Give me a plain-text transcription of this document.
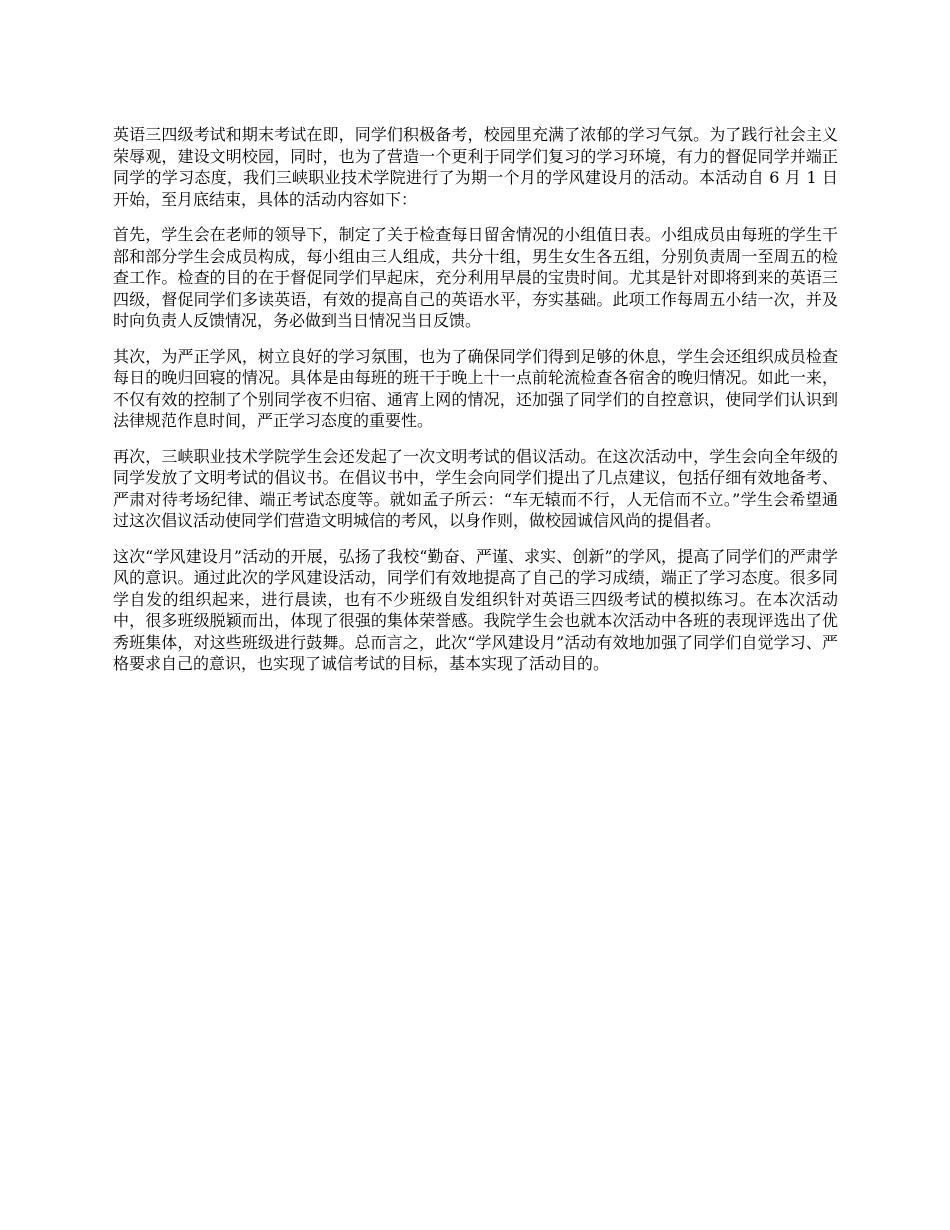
英语三四级考试和期末考试在即，同学们积极备考，校园里充满了浓郁的学习气氛。为了践行社会主义荣辱观，建设文明校园，同时，也为了营造一个更利于同学们复习的学习环境，有力的督促同学并端正同学的学习态度，我们三峡职业技术学院进行了为期一个月的学风建设月的活动。本活动自 6 月 1 日开始，至月底结束，具体的活动内容如下：

首先，学生会在老师的领导下，制定了关于检查每日留舍情况的小组值日表。小组成员由每班的学生干部和部分学生会成员构成，每小组由三人组成，共分十组，男生女生各五组，分别负责周一至周五的检查工作。检查的目的在于督促同学们早起床，充分利用早晨的宝贵时间。尤其是针对即将到来的英语三四级，督促同学们多读英语，有效的提高自己的英语水平，夯实基础。此项工作每周五小结一次，并及时向负责人反馈情况，务必做到当日情况当日反馈。

其次，为严正学风，树立良好的学习氛围，也为了确保同学们得到足够的休息，学生会还组织成员检查每日的晚归回寝的情况。具体是由每班的班干于晚上十一点前轮流检查各宿舍的晚归情况。如此一来，不仅有效的控制了个别同学夜不归宿、通宵上网的情况，还加强了同学们的自控意识，使同学们认识到法律规范作息时间，严正学习态度的重要性。

再次，三峡职业技术学院学生会还发起了一次文明考试的倡议活动。在这次活动中，学生会向全年级的同学发放了文明考试的倡议书。在倡议书中，学生会向同学们提出了几点建议，包括仔细有效地备考、严肃对待考场纪律、端正考试态度等。就如孟子所云：“车无辕而不行，人无信而不立。”学生会希望通过这次倡议活动使同学们营造文明城信的考风，以身作则，做校园诚信风尚的提倡者。

这次“学风建设月”活动的开展，弘扬了我校“勤奋、严谨、求实、创新”的学风，提高了同学们的严肃学风的意识。通过此次的学风建设活动，同学们有效地提高了自己的学习成绩，端正了学习态度。很多同学自发的组织起来，进行晨读，也有不少班级自发组织针对英语三四级考试的模拟练习。在本次活动中，很多班级脱颖而出，体现了很强的集体荣誉感。我院学生会也就本次活动中各班的表现评选出了优秀班集体，对这些班级进行鼓舞。总而言之，此次“学风建设月”活动有效地加强了同学们自觉学习、严格要求自己的意识，也实现了诚信考试的目标，基本实现了活动目的。
